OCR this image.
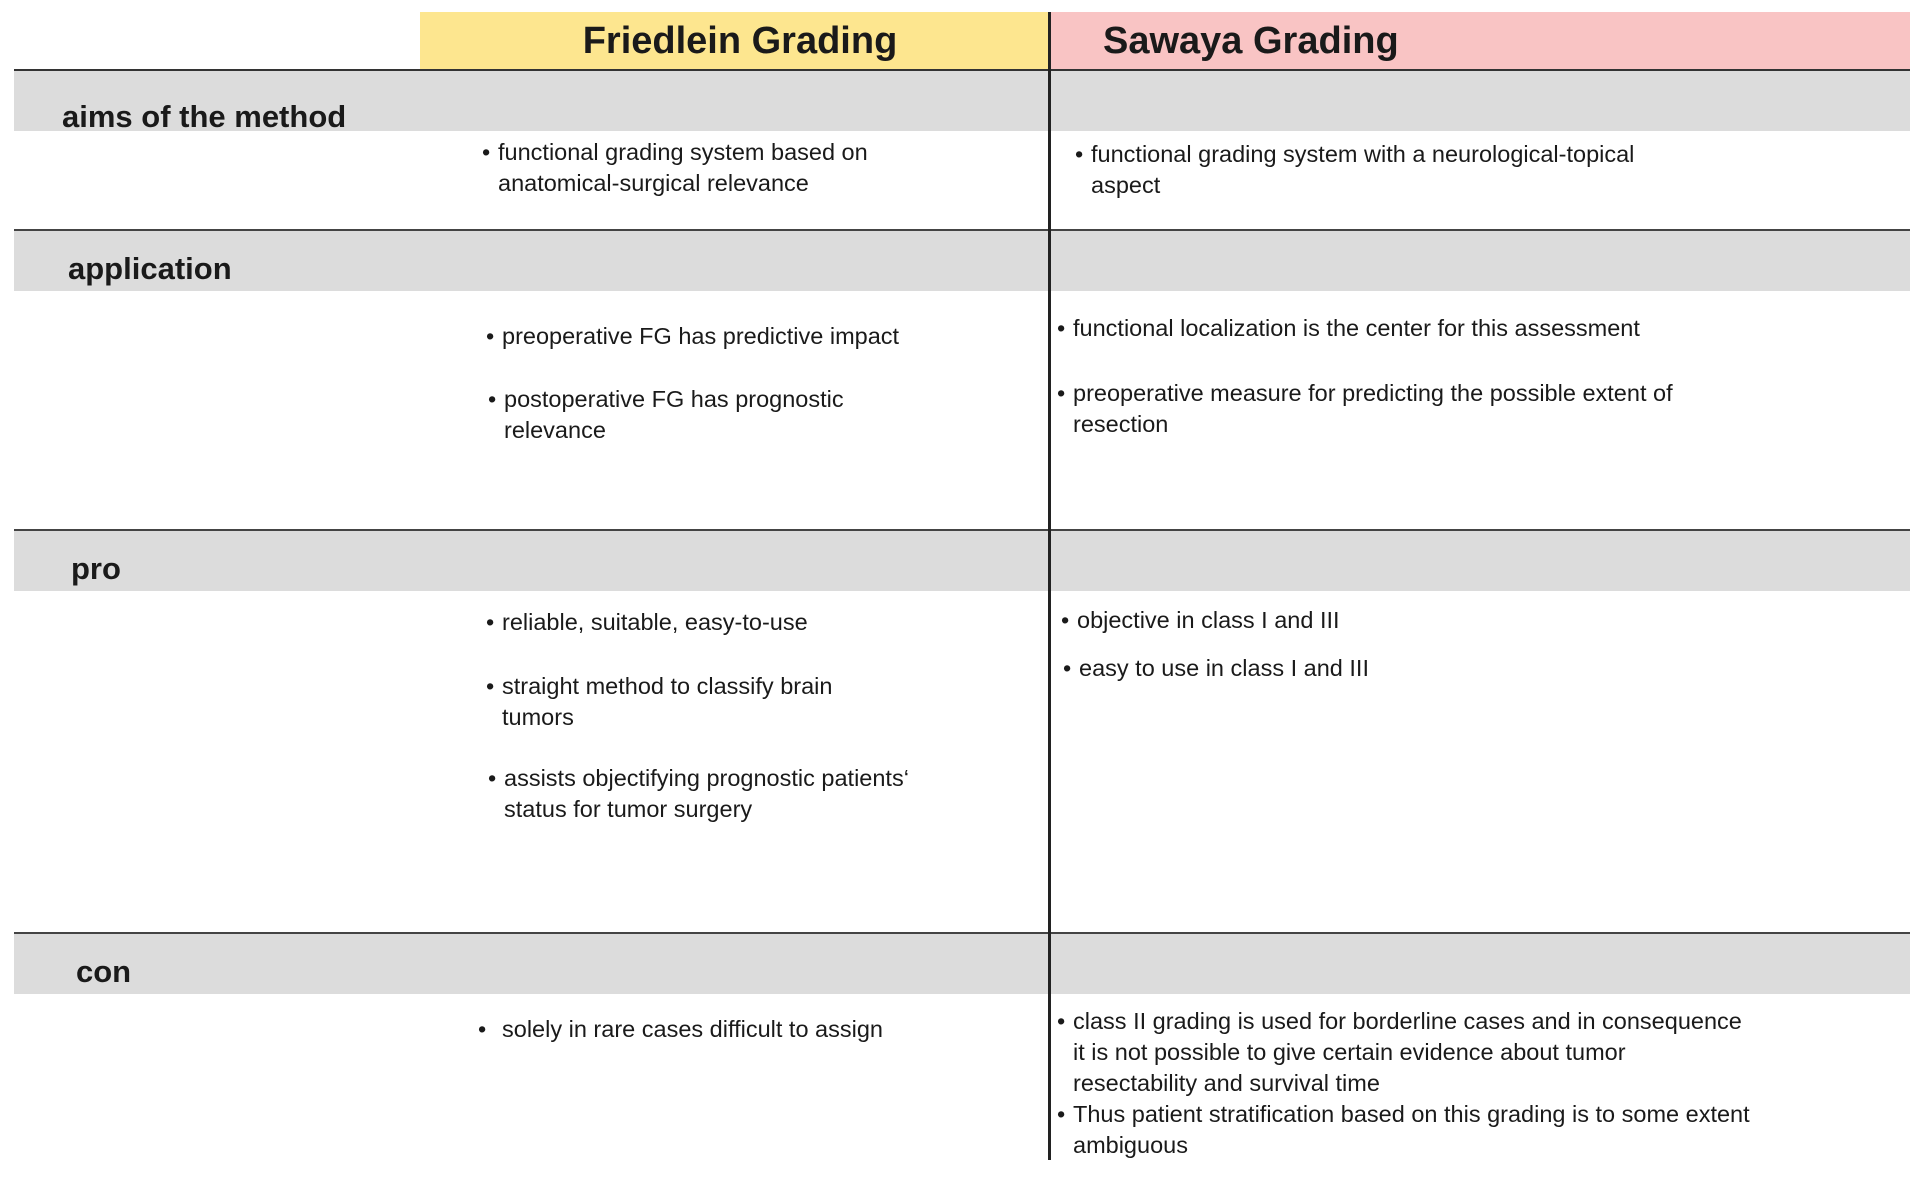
Friedlein Grading	Sawaya Grading
aims of the method
• functional grading system based on
anatomical-surgical relevance
• functional grading system with a neurological-topical
aspect
application
• preoperative FG has predictive impact
• postoperative FG has prognostic
relevance
• functional localization is the center for this assessment
• preoperative measure for predicting the possible extent of
resection
pro
• reliable, suitable, easy-to-use
• straight method to classify brain
tumors
• assists objectifying prognostic patients‘
status for tumor surgery
• objective in class I and III
• easy to use in class I and III
con
• solely in rare cases difficult to assign
•	class II grading is used for borderline cases and in consequence
it is not possible to give certain evidence about tumor
resectability and survival time
• Thus patient stratification based on this grading is to some extent
ambiguous
